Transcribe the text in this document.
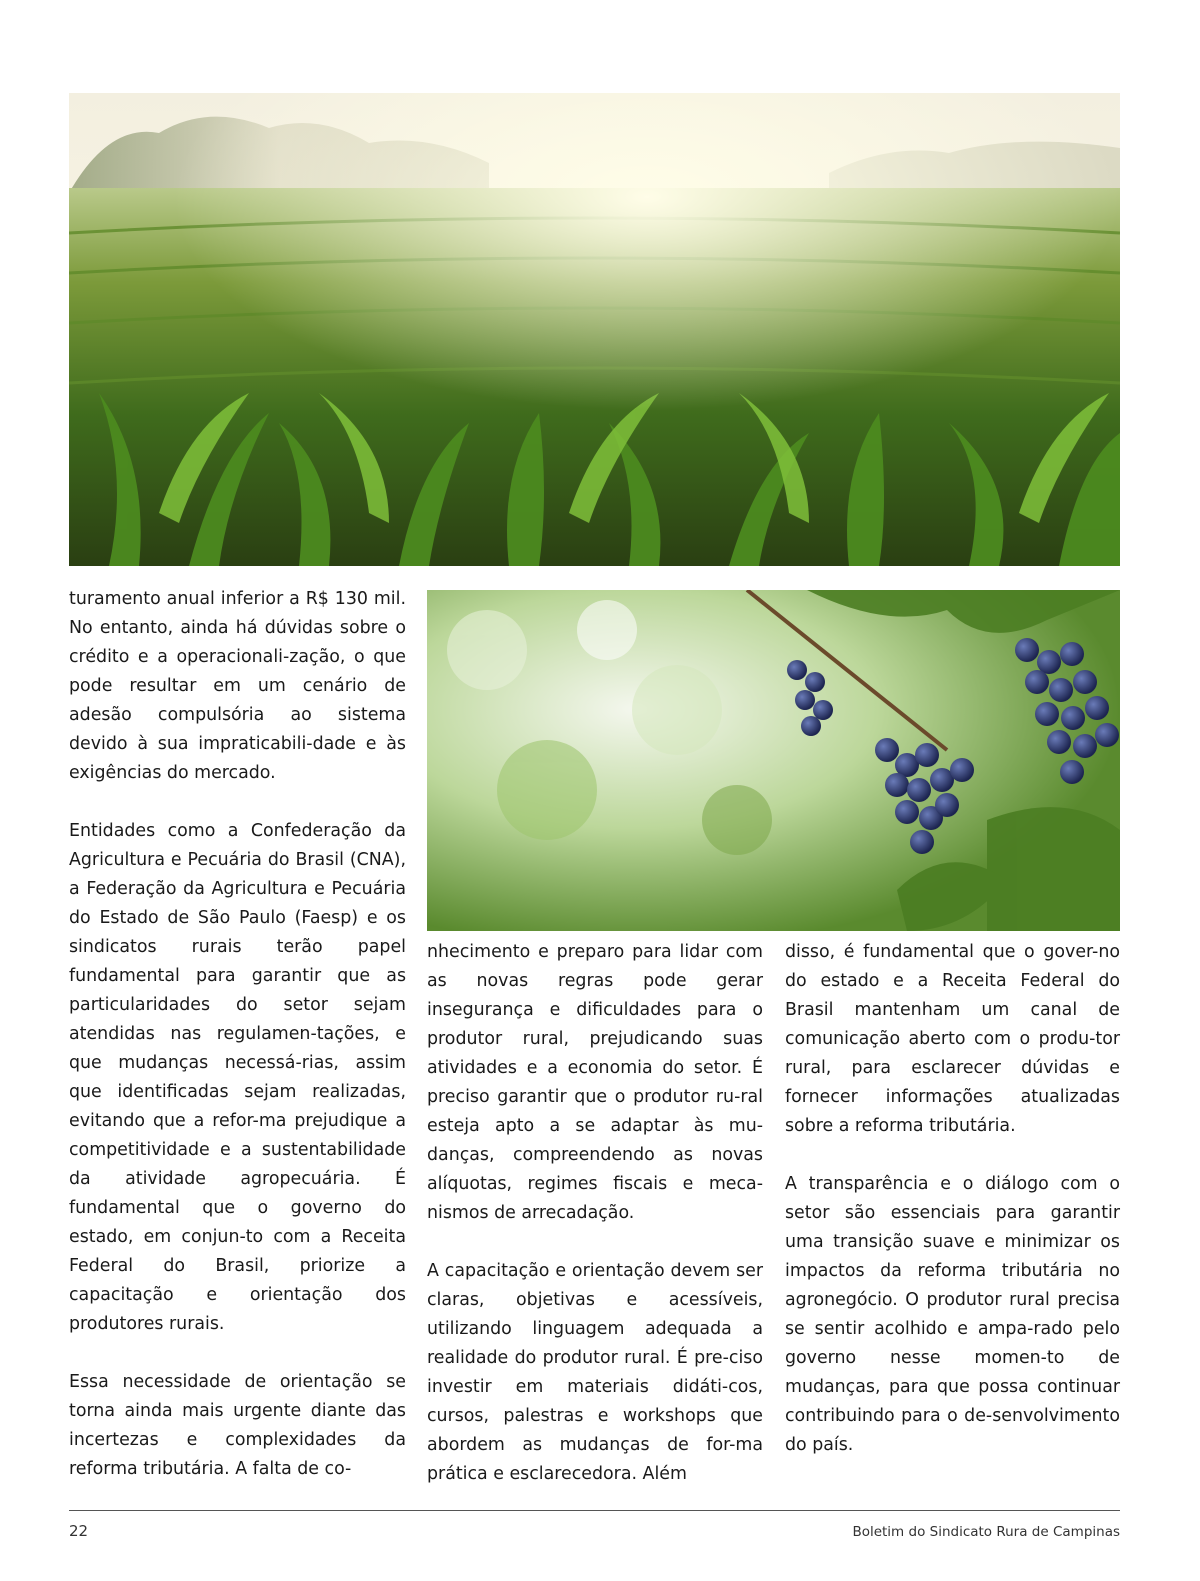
turamento anual inferior a R$ 130 mil. No entanto, ainda há dúvidas sobre o crédito e a operacionali-zação, o que pode resultar em um cenário de adesão compulsória ao sistema devido à sua impraticabili-dade e às exigências do mercado.

Entidades como a Confederação da Agricultura e Pecuária do Brasil (CNA), a Federação da Agricultura e Pecuária do Estado de São Paulo (Faesp) e os sindicatos rurais terão papel fundamental para garantir que as particularidades do setor sejam atendidas nas regulamen-tações, e que mudanças necessá-rias, assim que identificadas sejam realizadas, evitando que a refor-ma prejudique a competitividade e a sustentabilidade da atividade agropecuária. É fundamental que o governo do estado, em conjun-to com a Receita Federal do Brasil, priorize a capacitação e orientação dos produtores rurais.

Essa necessidade de orientação se torna ainda mais urgente diante das incertezas e complexidades da reforma tributária. A falta de co-

nhecimento e preparo para lidar com as novas regras pode gerar insegurança e dificuldades para o produtor rural, prejudicando suas atividades e a economia do setor. É preciso garantir que o produtor ru-ral esteja apto a se adaptar às mu-danças, compreendendo as novas alíquotas, regimes fiscais e meca-nismos de arrecadação.

A capacitação e orientação devem ser claras, objetivas e acessíveis, utilizando linguagem adequada a realidade do produtor rural. É pre-ciso investir em materiais didáti-cos, cursos, palestras e workshops que abordem as mudanças de for-ma prática e esclarecedora. Além

disso, é fundamental que o gover-no do estado e a Receita Federal do Brasil mantenham um canal de comunicação aberto com o produ-tor rural, para esclarecer dúvidas e fornecer informações atualizadas sobre a reforma tributária.

A transparência e o diálogo com o setor são essenciais para garantir uma transição suave e minimizar os impactos da reforma tributária no agronegócio. O produtor rural precisa se sentir acolhido e ampa-rado pelo governo nesse momen-to de mudanças, para que possa continuar contribuindo para o de-senvolvimento do país.

22	Boletim do Sindicato Rura de Campinas
